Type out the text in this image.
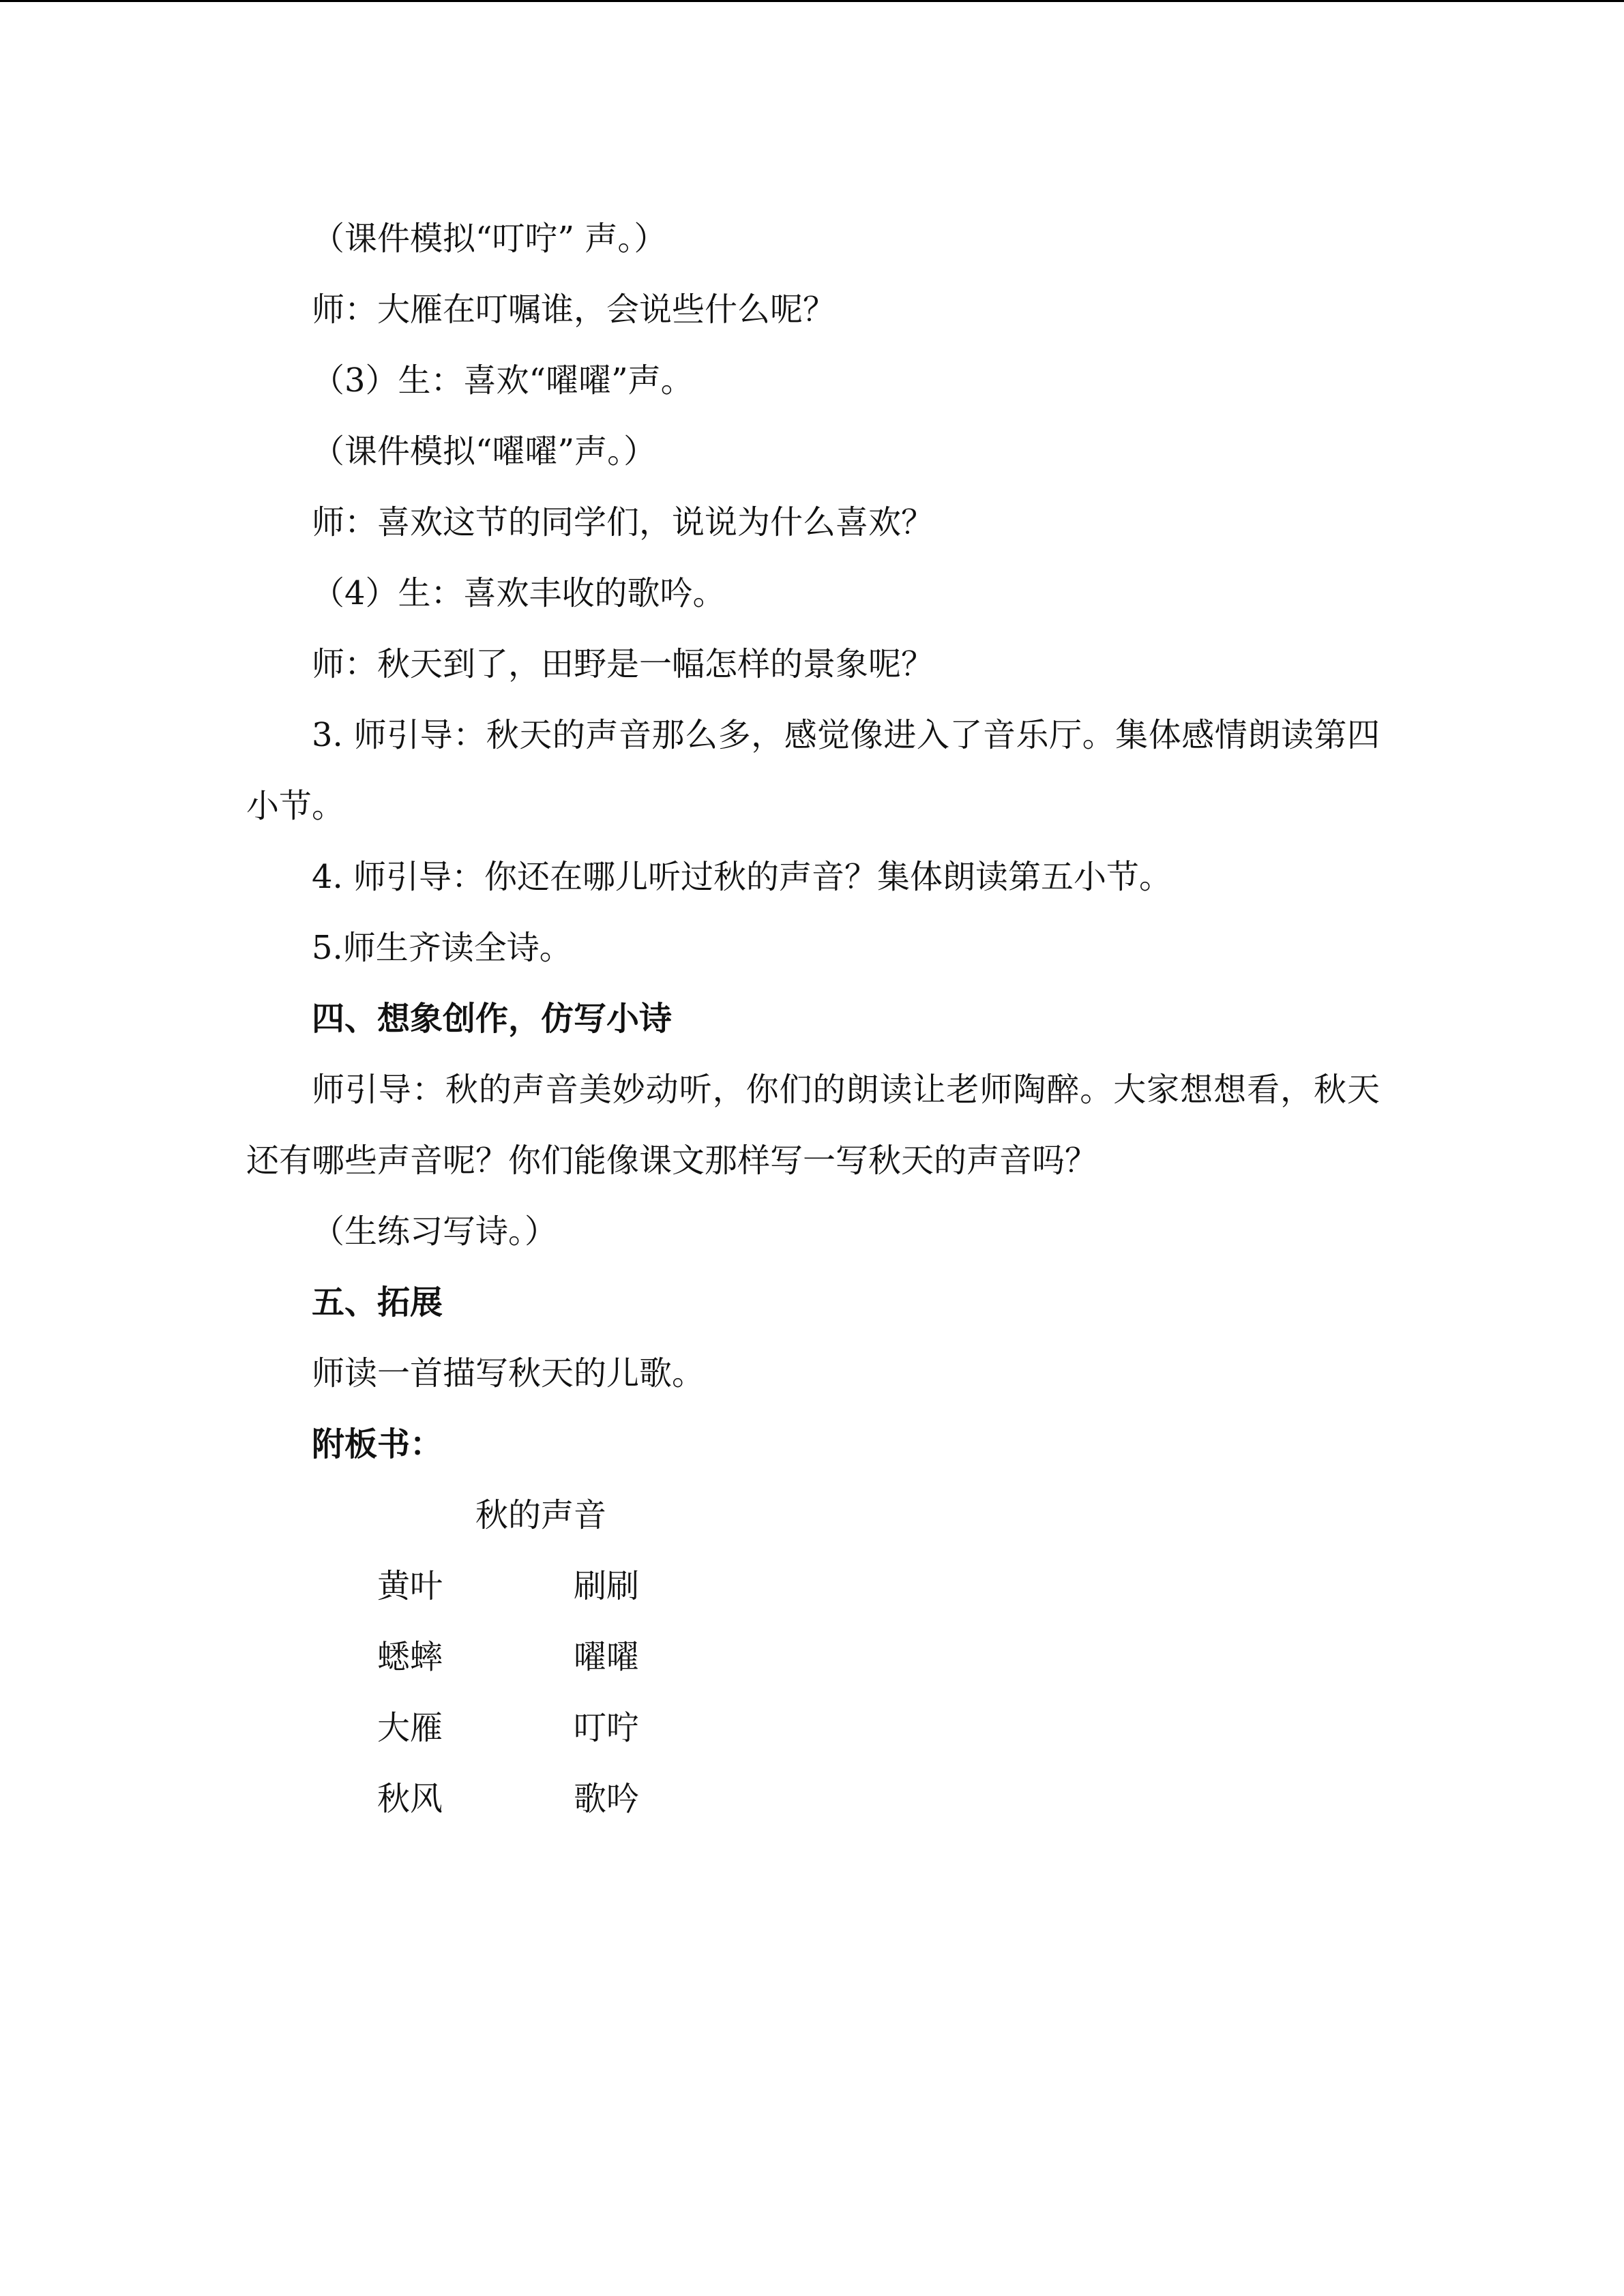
（课件模拟“叮咛” 声。）
师：大雁在叮嘱谁，会说些什么呢？
（3）生：喜欢“嚁嚁”声。
（课件模拟“嚁嚁”声。）
师：喜欢这节的同学们，说说为什么喜欢？
（4）生：喜欢丰收的歌吟。
师：秋天到了，田野是一幅怎样的景象呢？
3. 师引导：秋天的声音那么多，感觉像进入了音乐厅。集体感情朗读第四
小节。
4. 师引导：你还在哪儿听过秋的声音？集体朗读第五小节。
5.师生齐读全诗。
四、想象创作，仿写小诗
师引导：秋的声音美妙动听，你们的朗读让老师陶醉。大家想想看，秋天
还有哪些声音呢？你们能像课文那样写一写秋天的声音吗？
（生练习写诗。）
五、拓展
师读一首描写秋天的儿歌。
附板书：
秋的声音
黄叶	刷刷
蟋蟀	嚁嚁
大雁	叮咛
秋风	歌吟
